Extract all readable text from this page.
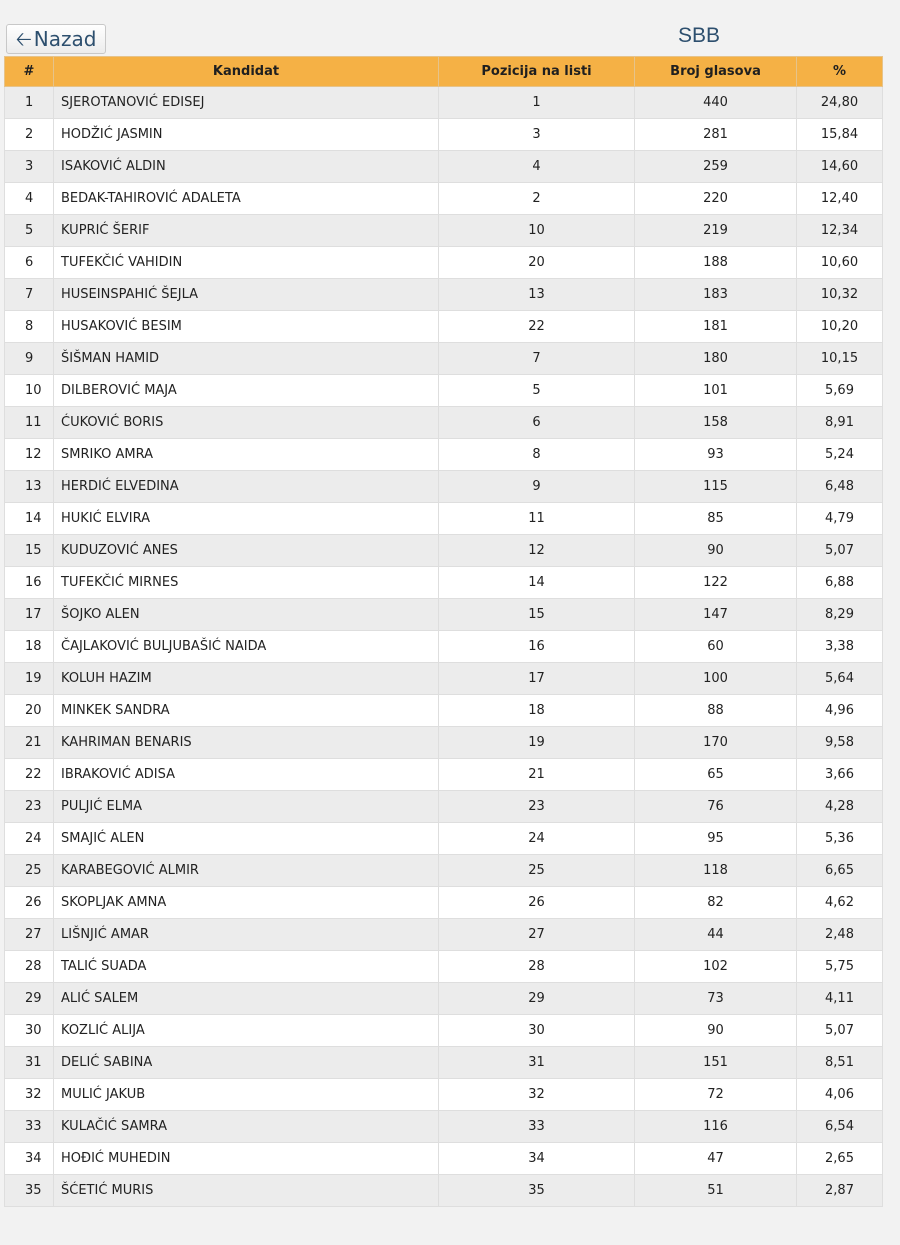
🡠 Nazad	SBB
#	Kandidat	Pozicija na listi	Broj glasova	%
1	SJEROTANOVIĆ EDISEJ	1	440	24,80
2	HODŽIĆ JASMIN	3	281	15,84
3	ISAKOVIĆ ALDIN	4	259	14,60
4	BEDAK-TAHIROVIĆ ADALETA	2	220	12,40
5	KUPRIĆ ŠERIF	10	219	12,34
6	TUFEKČIĆ VAHIDIN	20	188	10,60
7	HUSEINSPAHIĆ ŠEJLA	13	183	10,32
8	HUSAKOVIĆ BESIM	22	181	10,20
9	ŠIŠMAN HAMID	7	180	10,15
10	DILBEROVIĆ MAJA	5	101	5,69
11	ĆUKOVIĆ BORIS	6	158	8,91
12	SMRIKO AMRA	8	93	5,24
13	HERDIĆ ELVEDINA	9	115	6,48
14	HUKIĆ ELVIRA	11	85	4,79
15	KUDUZOVIĆ ANES	12	90	5,07
16	TUFEKČIĆ MIRNES	14	122	6,88
17	ŠOJKO ALEN	15	147	8,29
18	ČAJLAKOVIĆ BULJUBAŠIĆ NAIDA	16	60	3,38
19	KOLUH HAZIM	17	100	5,64
20	MINKEK SANDRA	18	88	4,96
21	KAHRIMAN BENARIS	19	170	9,58
22	IBRAKOVIĆ ADISA	21	65	3,66
23	PULJIĆ ELMA	23	76	4,28
24	SMAJIĆ ALEN	24	95	5,36
25	KARABEGOVIĆ ALMIR	25	118	6,65
26	SKOPLJAK AMNA	26	82	4,62
27	LIŠNJIĆ AMAR	27	44	2,48
28	TALIĆ SUADA	28	102	5,75
29	ALIĆ SALEM	29	73	4,11
30	KOZLIĆ ALIJA	30	90	5,07
31	DELIĆ SABINA	31	151	8,51
32	MULIĆ JAKUB	32	72	4,06
33	KULAČIĆ SAMRA	33	116	6,54
34	HOĐIĆ MUHEDIN	34	47	2,65
35	ŠĆETIĆ MURIS	35	51	2,87
